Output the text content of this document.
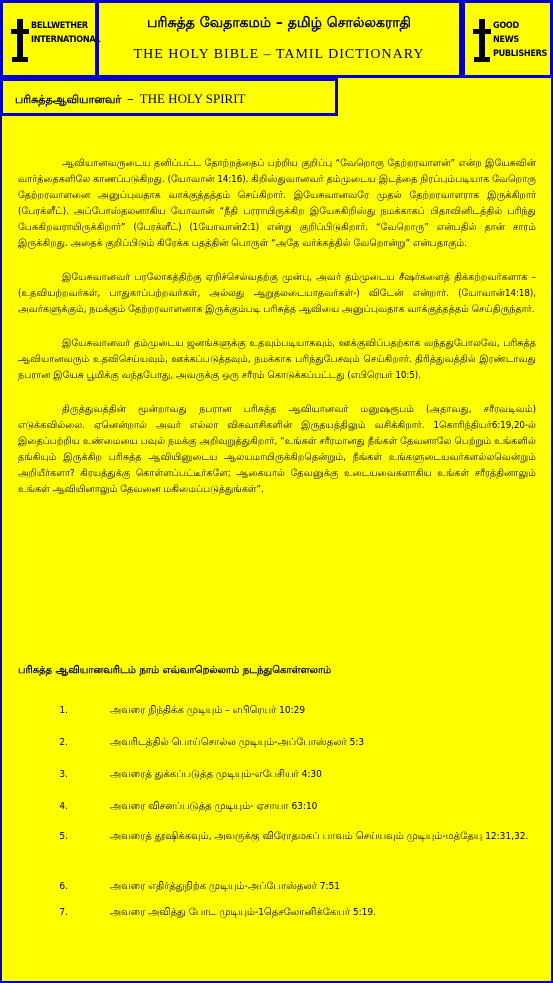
BELLWETHER
INTERNATIONAL
பரிசுத்த வேதாகமம் – தமிழ் சொல்லகராதி
THE HOLY BIBLE – TAMIL DICTIONARY
GOOD NEWS
PUBLISHERS
பரிசுத்தஆவியானவர் – THE HOLY SPIRIT

ஆவியானவருடைய தனிப்பட்ட தோற்றத்தைப் பற்றிய குறிப்பு “வேறொரு தேற்றரவாளன்” என்ற இயேசுவின் வார்த்தைகளிலே காணப்படுகிறது. (யோவான் 14:16). கிறிஸ்துவானவர் தம்முடைய இடத்தை நிரப்பும்படியாக வேறொரு தேற்றரவாளனை அனுப்புவதாக வாக்குத்தத்தம் செய்கிறார். இயேசுவானவரே முதல் தேற்றரவாளராக இருக்கிறார் (பேரக்ளீட்). அப்போஸ்தலனாகிய யோவான் “நீதி பரராயிருக்கிற இயேசுகிறிஸ்து நமக்காகப் பிதாவினிடத்தில் பரிந்து பேசுகிறவராயிருக்கிறார்” (பேரக்ளீட்) (1யோவான்2:1) என்று குறிப்பிடுகிறார். “வேறொரு” என்பதில் தான் சாரம் இருக்கிறது. அதைக் குறிப்பிடும் கிரேக்க பதத்தின் பொருள் “அதே வர்க்கத்தில் வேறொன்று” என்பதாகும்.

இயேசுவானவர் பரலோகத்திற்கு ஏறிச்செல்வதற்கு முன்பு, அவர் தம்முடைய சீஷர்களைத் திக்கற்றவர்களாக – (உதவியற்றவர்கள், பாதுகாப்பற்றவர்கள், அல்லது ஆறுதலடையாதவர்கள்-) விடேன் என்றார். (யோவான்14:18), அவர்களுக்கும், நமக்கும் தேற்றரவாளனாக இருக்கும்படி பரிசுத்த ஆவியை அனுப்புவதாக வாக்குத்தத்தம் செய்திருந்தார்.

இயேசுவானவர் தம்முடைய ஜனங்களுக்கு உதவும்படியாகவும், ஊக்குவிப்பதற்காக வந்ததுபோலவே, பரிசுத்த ஆவியானவரும் உதவிசெய்யவும், ஊக்கப்படுத்தவும், நமக்காக பரிந்துபேசவும் செய்கிறார். திரித்துவத்தில் இரண்டாவது நபரான இயேசு பூமிக்கு வந்தபோது, அவருக்கு ஒரு சரீரம் கொடுக்கப்பட்டது (எபிரெயர் 10:5).

திருத்துவத்தின் மூன்றாவது நபரான பரிசுத்த ஆவியானவர் மனுஷரூபம் (அதாவது, சரீரவடிவம்) எடுக்கவில்லை. ஏனென்றால் அவர் எல்லா விசுவாசிகளின் இருதயத்திலும் வசிக்கிறார். 1கொரிந்தியர்6:19,20-ல் இதைப்பற்றிய உண்மையை பவுல் நமக்கு அறிவுறுத்துகிறார், “உங்கள் சரீரமானது நீங்கள் தேவனாலே பெற்றும் உங்களில் தங்கியும் இருக்கிற பரிசுத்த ஆவியினுடைய ஆலயமாயிருக்கிறதென்றும், நீங்கள் உங்களுடையவர்களல்லவென்றும் அறியீர்களா? கிரயத்துக்கு கொள்ளப்பட்டீர்களே; ஆகையால் தேவனுக்கு உடையவைகளாகிய உங்கள் சரீரத்தினாலும் உங்கள் ஆவியினாலும் தேவனை மகிமைப்படுத்துங்கள்”.

பரிசுத்த ஆவியானவரிடம் நாம் எவ்வாறெல்லாம் நடந்துகொள்ளலாம்
1.	அவரை நிந்திக்க முடியும் – எபிரெயர் 10:29
2.	அவரிடத்தில் பொய்சொல்ல முடியும்-அப்போஸ்தலர் 5:3
3.	அவரைத் துக்கப்படுத்த முடியும்-எபேசியர் 4:30
4.	அவரை விசனப்படுத்த முடியும்- ஏசாயா 63:10
5.	அவரைத் தூஷிக்கவும், அவருக்கு விரோதமகப் பாவம் செய்யவும் முடியும்-மத்தேயு 12:31,32.
6.	அவரை எதிர்த்துநிற்க முடியும்-அப்போஸ்தலர் 7:51
7.	அவரை அவித்து போட முடியும்-1தெசலோனிக்கேயர் 5:19.
